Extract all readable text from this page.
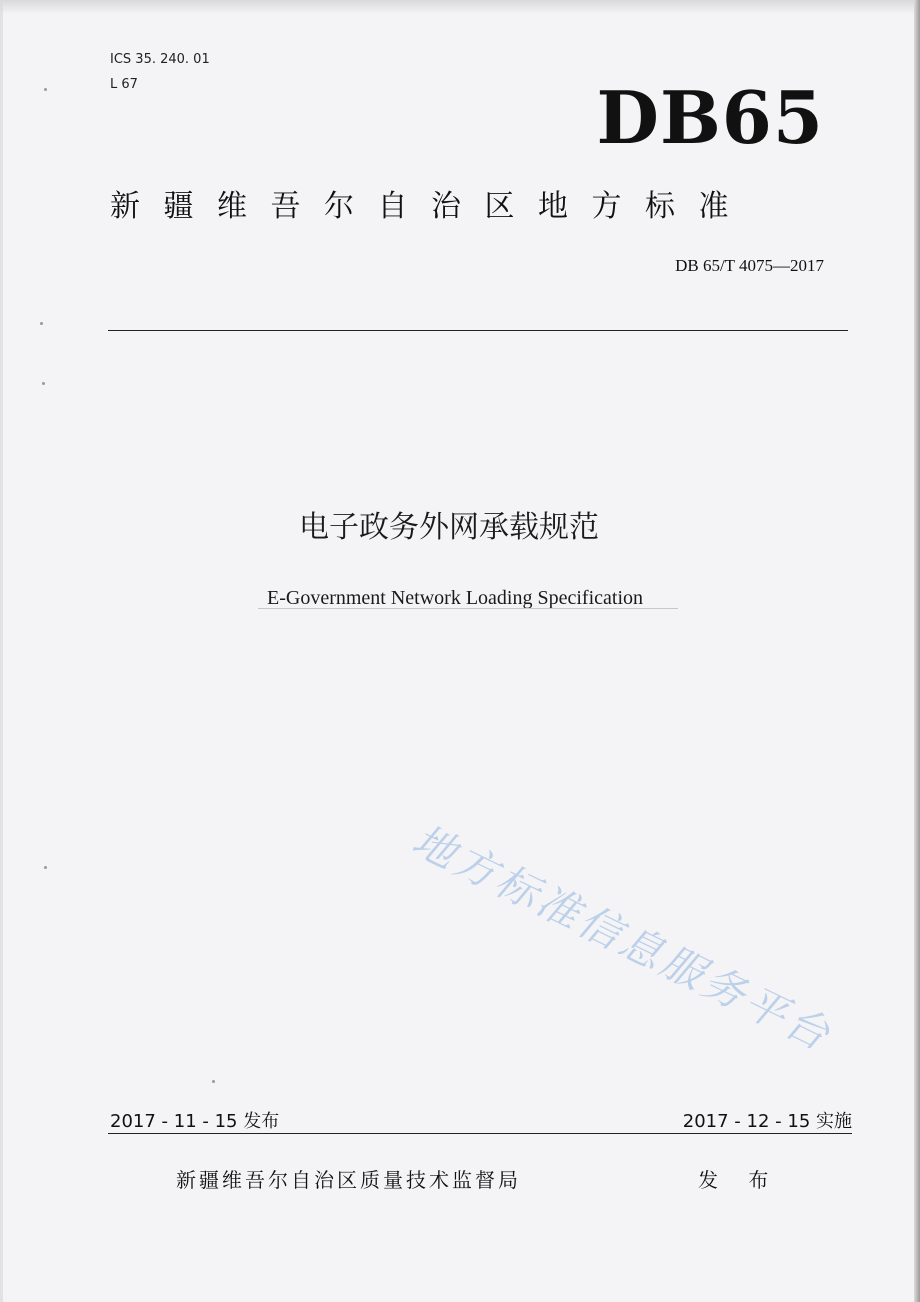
ICS 35. 240. 01

L 67	DB65

新疆维吾尔自治区地方标准

DB 65/T 4075—2017

电子政务外网承载规范

E-Government Network Loading Specification

地方标准信息服务平台

2017 - 11 - 15 发布	2017 - 12 - 15 实施

新疆维吾尔自治区质量技术监督局	发 布
